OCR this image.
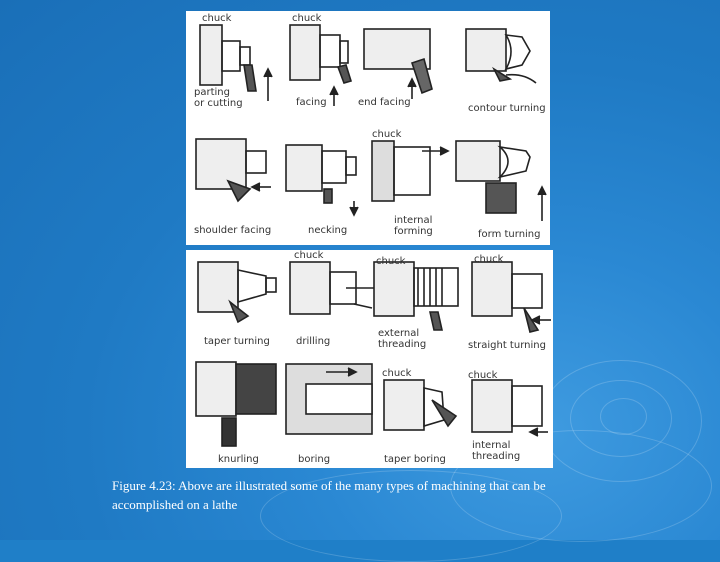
chuck	chuck
parting
or cutting	facing	end facing
contour turning
chuck
shoulder facing	necking
internal
forming	form turning
chuck
chuck	chuck
taper turning	drilling
external
threading	straight turning
chuck	chuck
knurling	boring	taper boring
internal
threading
Figure 4.23: Above are illustrated some of the many types of machining that can be
accomplished on a lathe
